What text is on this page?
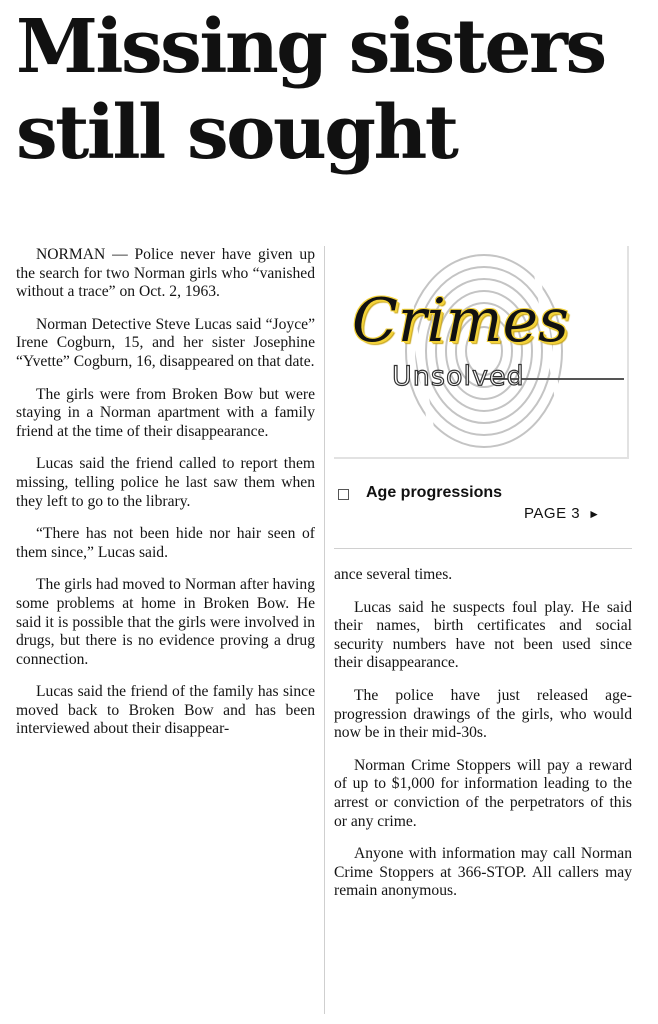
Missing sisters
still sought

NORMAN — Police never have given up the search for two Norman girls who “vanished without a trace” on Oct. 2, 1963.

Norman Detective Steve Lucas said “Joyce” Irene Cogburn, 15, and her sister Josephine “Yvette” Cogburn, 16, disappeared on that date.

The girls were from Broken Bow but were staying in a Norman apartment with a family friend at the time of their disappearance.

Lucas said the friend called to report them missing, telling police he last saw them when they left to go to the library.

“There has not been hide nor hair seen of them since,” Lucas said.

The girls had moved to Norman after having some problems at home in Broken Bow. He said it is possible that the girls were involved in drugs, but there is no evidence proving a drug connection.

Lucas said the friend of the family has since moved back to Broken Bow and has been interviewed about their disappear-

Crimes
Unsolved
Age progressions
PAGE 3 ►

ance several times.

Lucas said he suspects foul play. He said their names, birth certificates and social security numbers have not been used since their disappearance.

The police have just released age-progression drawings of the girls, who would now be in their mid-30s.

Norman Crime Stoppers will pay a reward of up to $1,000 for information leading to the arrest or conviction of the perpetrators of this or any crime.

Anyone with information may call Norman Crime Stoppers at 366-STOP. All callers may remain anonymous.
